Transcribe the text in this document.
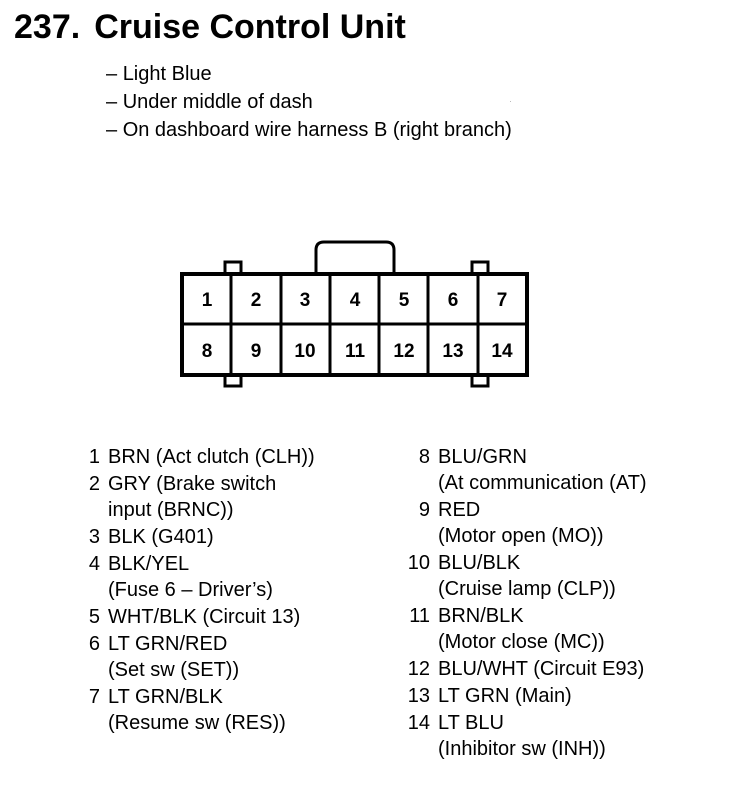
237. Cruise Control Unit
– Light Blue
– Under middle of dash
– On dashboard wire harness B (right branch)
1 2 3 4 5 6 7
8 9 10 11 12 13 14
1 BRN (Act clutch (CLH))
2 GRY (Brake switch
input (BRNC))
3 BLK (G401)
4 BLK/YEL
(Fuse 6 – Driver’s)
5 WHT/BLK (Circuit 13)
6 LT GRN/RED
(Set sw (SET))
7 LT GRN/BLK
(Resume sw (RES))
8 BLU/GRN
(At communication (AT)
9 RED
(Motor open (MO))
10 BLU/BLK
(Cruise lamp (CLP))
11 BRN/BLK
(Motor close (MC))
12 BLU/WHT (Circuit E93)
13 LT GRN (Main)
14 LT BLU
(Inhibitor sw (INH))
